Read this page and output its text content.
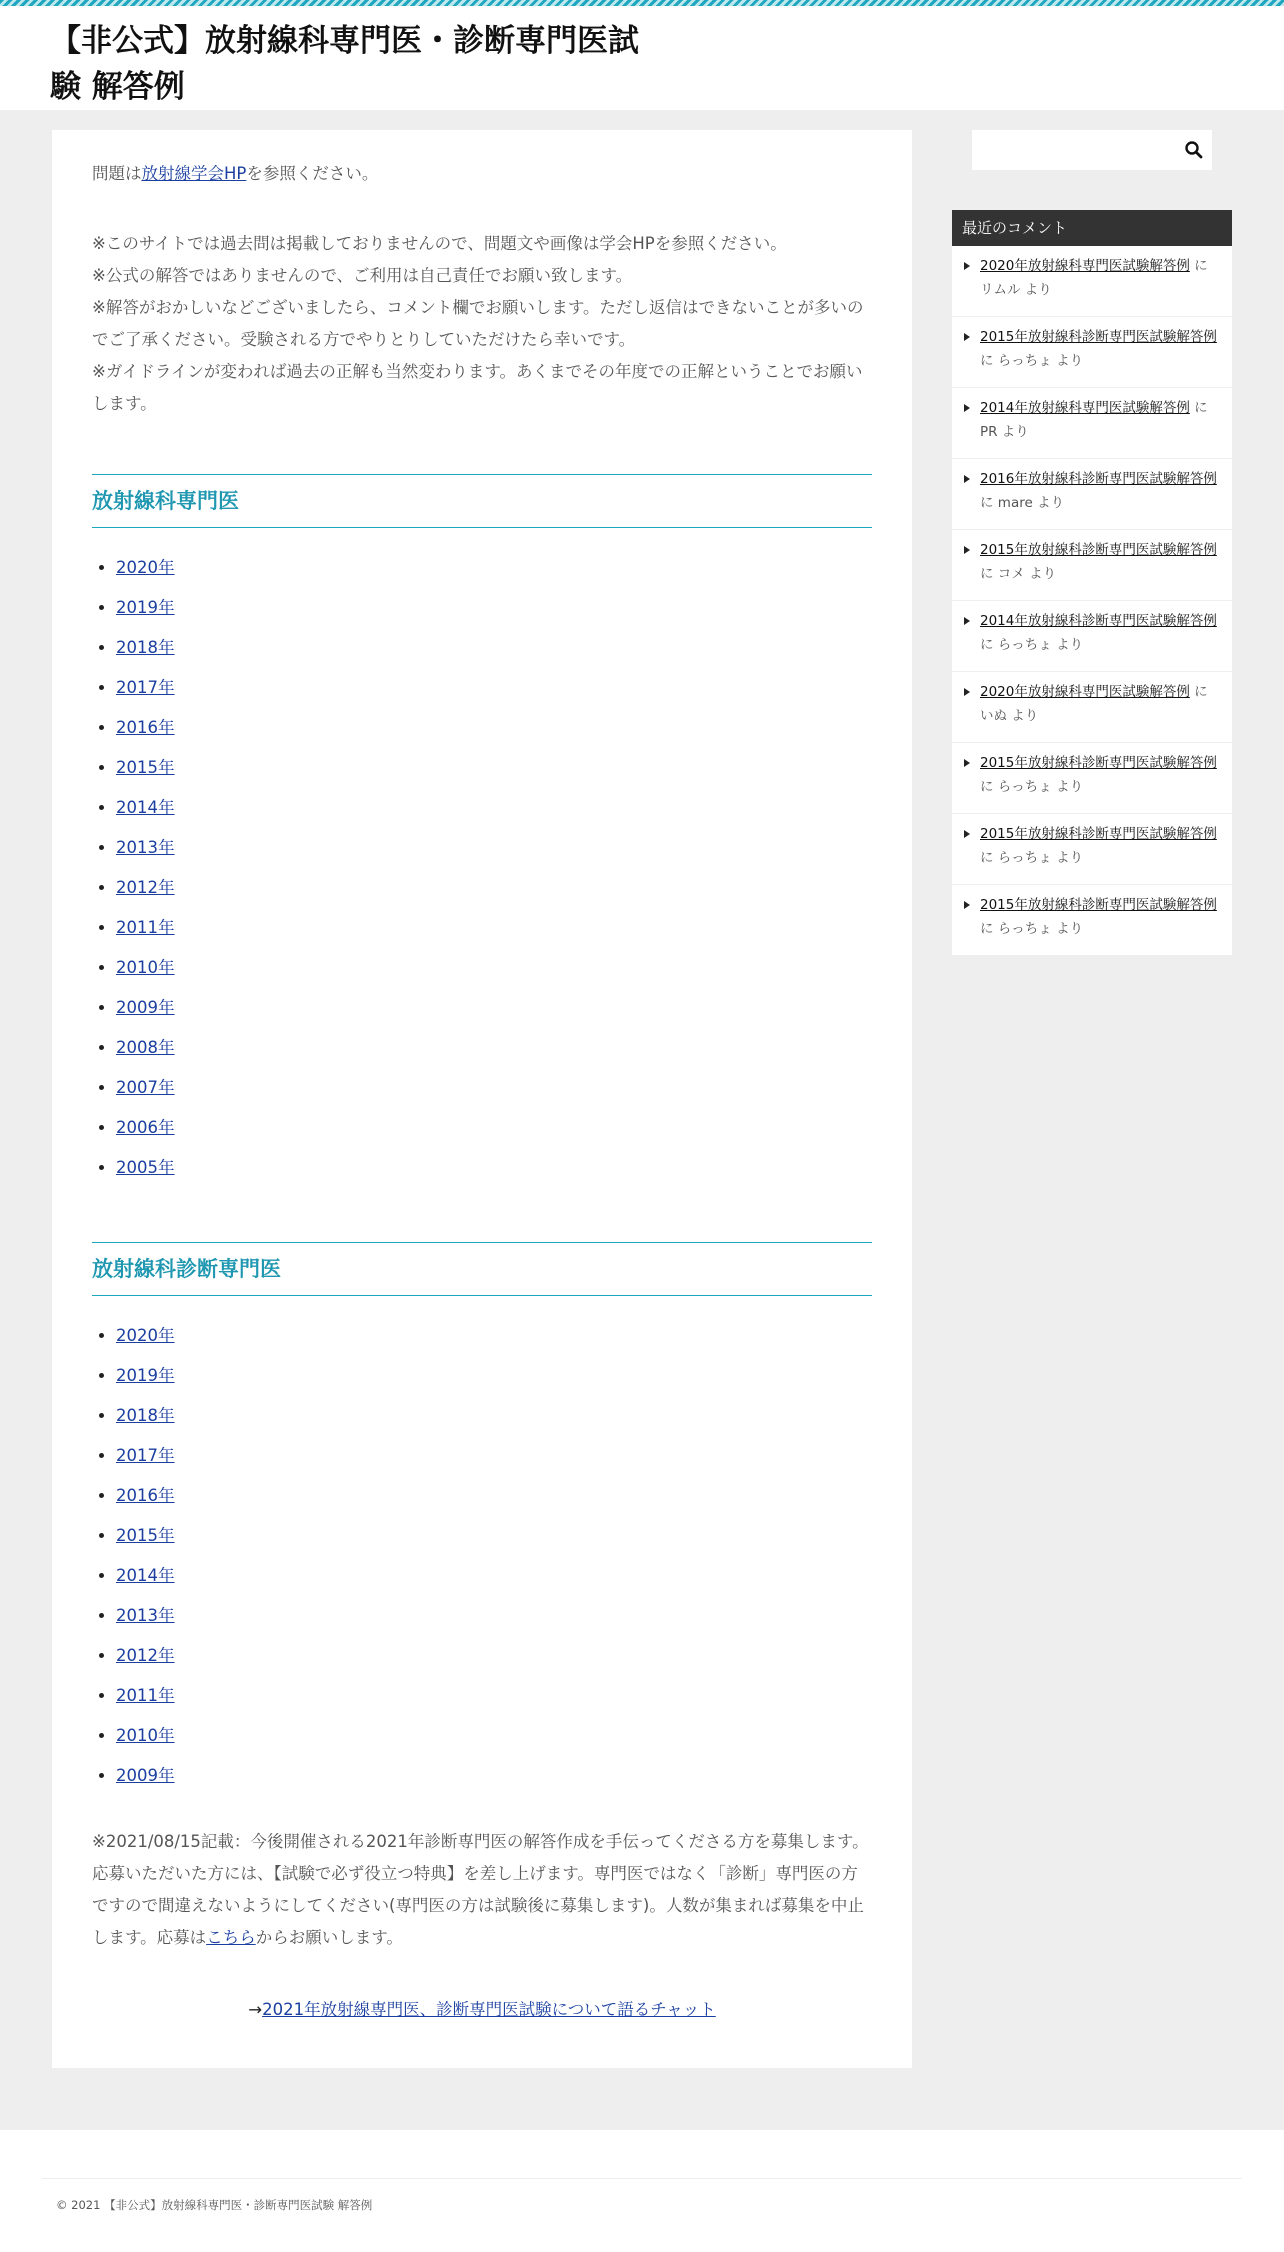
【非公式】放射線科専門医・診断専門医試験 解答例

問題は放射線学会HPを参照ください。

※このサイトでは過去問は掲載しておりませんので、問題文や画像は学会HPを参照ください。

※公式の解答ではありませんので、ご利用は自己責任でお願い致します。

※解答がおかしいなどございましたら、コメント欄でお願いします。ただし返信はできないことが多いのでご了承ください。受験される方でやりとりしていただけたら幸いです。

※ガイドラインが変われば過去の正解も当然変わります。あくまでその年度での正解ということでお願いします。

放射線科専門医
• 2020年
• 2019年
• 2018年
• 2017年
• 2016年
• 2015年
• 2014年
• 2013年
• 2012年
• 2011年
• 2010年
• 2009年
• 2008年
• 2007年
• 2006年
• 2005年
放射線科診断専門医
• 2020年
• 2019年
• 2018年
• 2017年
• 2016年
• 2015年
• 2014年
• 2013年
• 2012年
• 2011年
• 2010年
• 2009年

※2021/08/15記載：今後開催される2021年診断専門医の解答作成を手伝ってくださる方を募集します。応募いただいた方には、【試験で必ず役立つ特典】を差し上げます。専門医ではなく「診断」専門医の方ですので間違えないようにしてください(専門医の方は試験後に募集します)。人数が集まれば募集を中止します。応募はこちらからお願いします。

→2021年放射線専門医、診断専門医試験について語るチャット

最近のコメント
2020年放射線科専門医試験解答例 に リムル より
2015年放射線科診断専門医試験解答例 に らっちょ より
2014年放射線科専門医試験解答例 に PR より
2016年放射線科診断専門医試験解答例 に mare より
2015年放射線科診断専門医試験解答例 に コメ より
2014年放射線科診断専門医試験解答例 に らっちょ より
2020年放射線科専門医試験解答例 に いぬ より
2015年放射線科診断専門医試験解答例 に らっちょ より
2015年放射線科診断専門医試験解答例 に らっちょ より
2015年放射線科診断専門医試験解答例 に らっちょ より

© 2021 【非公式】放射線科専門医・診断専門医試験 解答例
